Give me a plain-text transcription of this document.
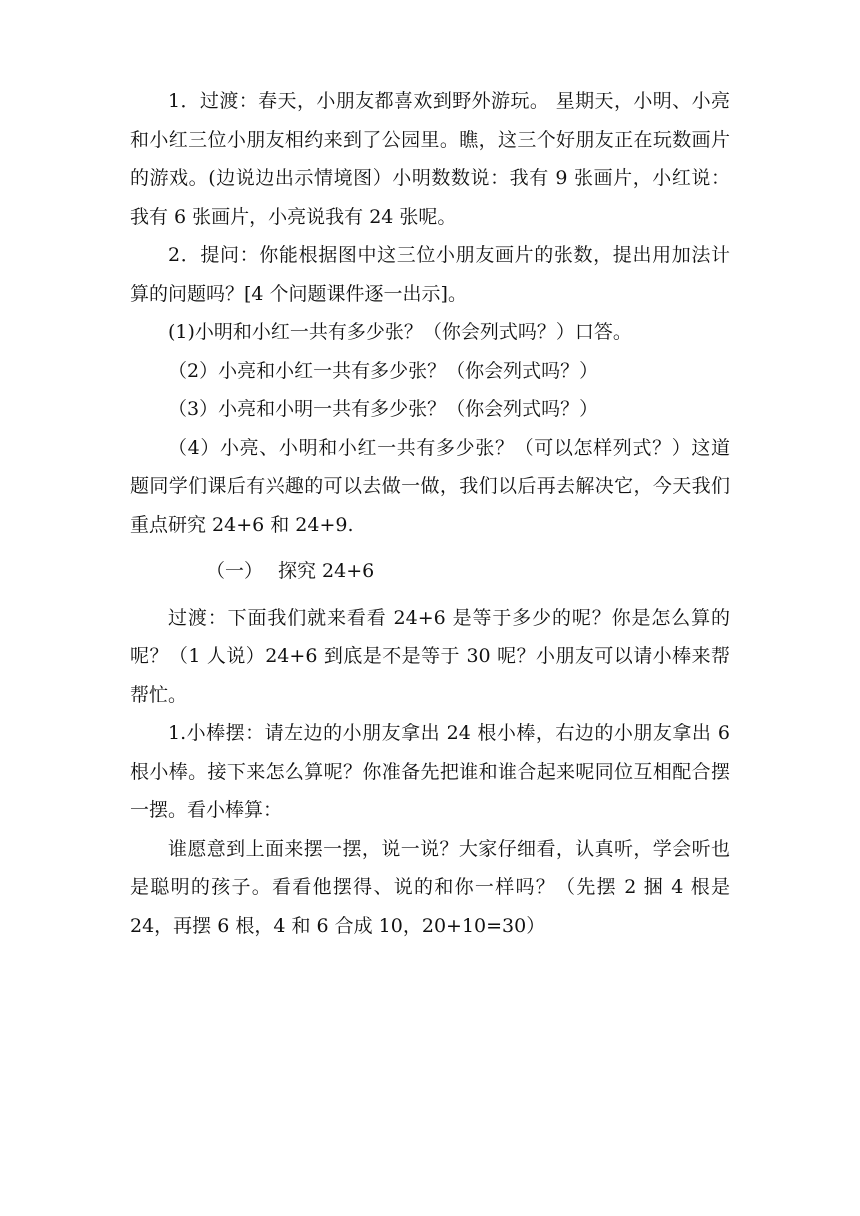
1．过渡：春天，小朋友都喜欢到野外游玩。 星期天，小明、小亮和小红三位小朋友相约来到了公园里。瞧，这三个好朋友正在玩数画片的游戏。(边说边出示情境图）小明数数说：我有 9 张画片，小红说：我有 6 张画片，小亮说我有 24 张呢。

2．提问：你能根据图中这三位小朋友画片的张数，提出用加法计算的问题吗？[4 个问题课件逐一出示]。

(1)小明和小红一共有多少张？（你会列式吗？）口答。

（2）小亮和小红一共有多少张？（你会列式吗？）

（3）小亮和小明一共有多少张？（你会列式吗？）

（4）小亮、小明和小红一共有多少张？（可以怎样列式？）这道题同学们课后有兴趣的可以去做一做，我们以后再去解决它，今天我们重点研究 24+6 和 24+9.

（一） 探究 24+6

过渡：下面我们就来看看 24+6 是等于多少的呢？你是怎么算的呢？（1 人说）24+6 到底是不是等于 30 呢？小朋友可以请小棒来帮帮忙。

1.小棒摆：请左边的小朋友拿出 24 根小棒，右边的小朋友拿出 6 根小棒。接下来怎么算呢？你准备先把谁和谁合起来呢同位互相配合摆一摆。看小棒算：

谁愿意到上面来摆一摆，说一说？大家仔细看，认真听，学会听也是聪明的孩子。看看他摆得、说的和你一样吗？（先摆 2 捆 4 根是 24，再摆 6 根，4 和 6 合成 10，20+10=30）
